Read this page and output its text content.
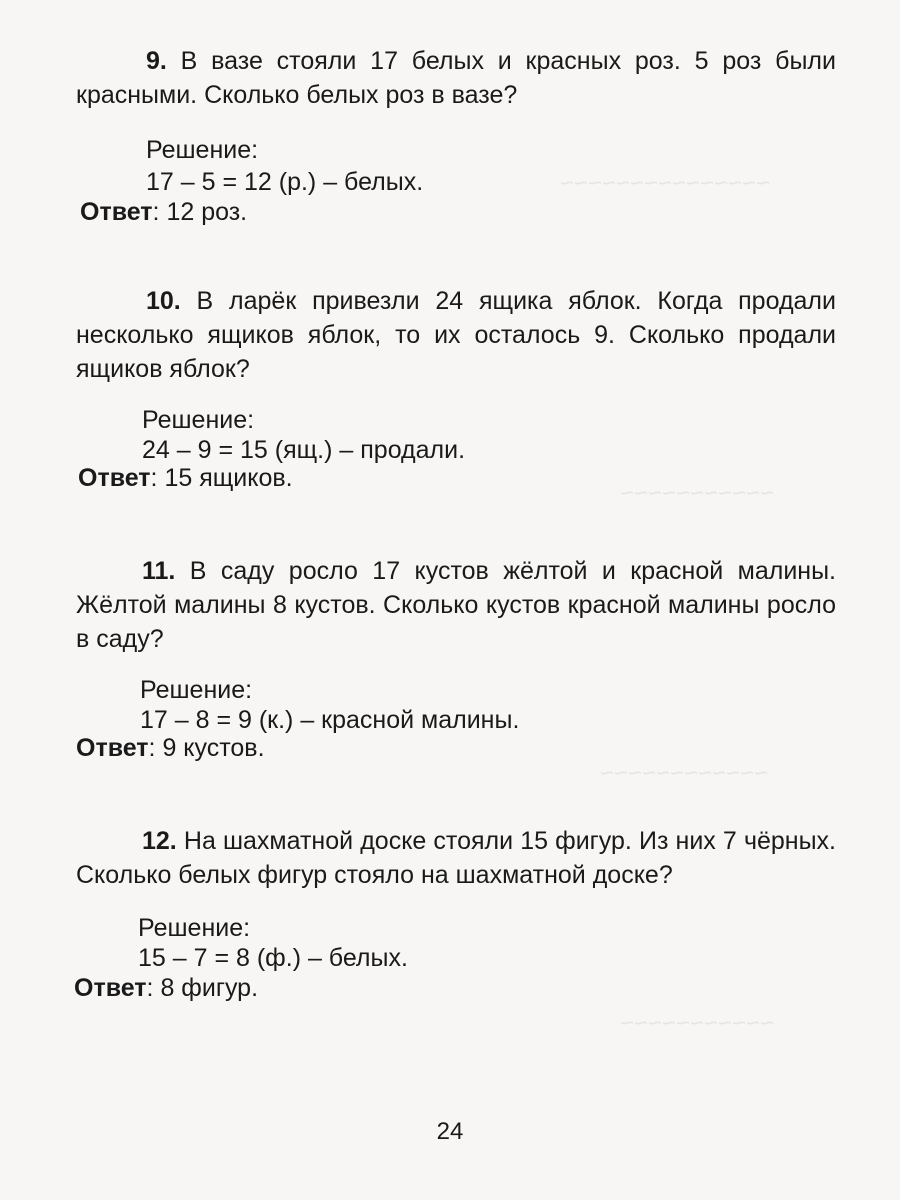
~~~~~~~~~~~~~~~
~~~~~~~~~~~
~~~~~~~~~~~~
~~~~~~~~~~~
9. В вазе стояли 17 белых и красных роз. 5 роз были красными. Сколько белых роз в вазе?
Решение:
17 – 5 = 12 (р.) – белых.
Ответ: 12 роз.
10. В ларёк привезли 24 ящика яблок. Когда продали несколько ящиков яблок, то их осталось 9. Сколько продали ящиков яблок?
Решение:
24 – 9 = 15 (ящ.) – продали.
Ответ: 15 ящиков.
11. В саду росло 17 кустов жёлтой и красной малины. Жёлтой малины 8 кустов. Сколько кустов красной малины росло в саду?
Решение:
17 – 8 = 9 (к.) – красной малины.
Ответ: 9 кустов.
12. На шахматной доске стояли 15 фигур. Из них 7 чёрных. Сколько белых фигур стояло на шахматной доске?
Решение:
15 – 7 = 8 (ф.) – белых.
Ответ: 8 фигур.
24
